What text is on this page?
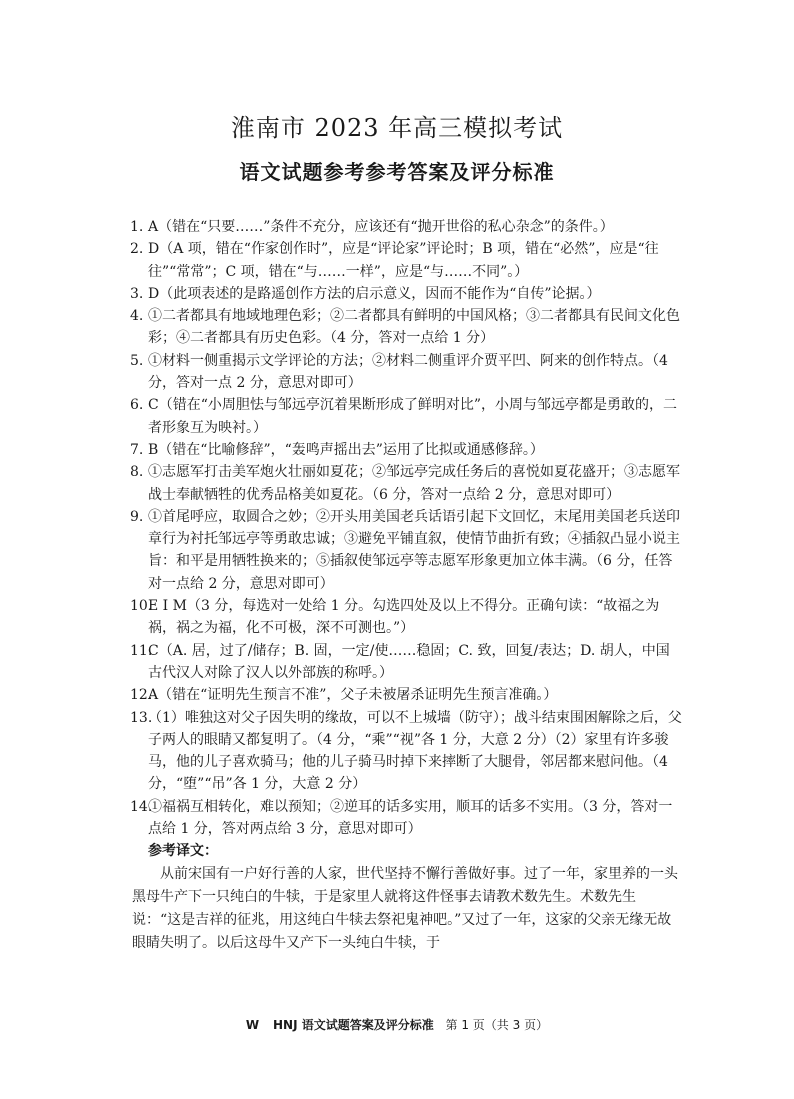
淮南市 2023 年高三模拟考试
语文试题参考参考答案及评分标准
1. A（错在“只要……”条件不充分，应该还有“抛开世俗的私心杂念”的条件。）
2. D（A 项，错在“作家创作时”，应是“评论家”评论时；B 项，错在“必然”，应是“往往”“常常”；C 项，错在“与……一样”，应是“与……不同”。）
3. D（此项表述的是路遥创作方法的启示意义，因而不能作为“自传”论据。）
4. ①二者都具有地域地理色彩；②二者都具有鲜明的中国风格；③二者都具有民间文化色彩；④二者都具有历史色彩。（4 分，答对一点给 1 分）
5. ①材料一侧重揭示文学评论的方法；②材料二侧重评介贾平凹、阿来的创作特点。（4 分，答对一点 2 分，意思对即可）
6. C（错在“小周胆怯与邹远亭沉着果断形成了鲜明对比”，小周与邹远亭都是勇敢的，二者形象互为映衬。）
7. B（错在“比喻修辞”，“轰鸣声摇出去”运用了比拟或通感修辞。）
8. ①志愿军打击美军炮火壮丽如夏花；②邹远亭完成任务后的喜悦如夏花盛开；③志愿军战士奉献牺牲的优秀品格美如夏花。（6 分，答对一点给 2 分，意思对即可）
9. ①首尾呼应，取圆合之妙；②开头用美国老兵话语引起下文回忆，末尾用美国老兵送印章行为衬托邹远亭等勇敢忠诚；③避免平铺直叙，使情节曲折有致；④插叙凸显小说主旨：和平是用牺牲换来的；⑤插叙使邹远亭等志愿军形象更加立体丰满。（6 分，任答对一点给 2 分，意思对即可）
10.
E I M（3 分，每选对一处给 1 分。勾选四处及以上不得分。正确句读：“故福之为祸，祸之为福，化不可极，深不可测也。”）
11.
C（A. 居，过了/储存；B. 固，一定/使……稳固；C. 致，回复/表达；D. 胡人，中国古代汉人对除了汉人以外部族的称呼。）
12.
A（错在“证明先生预言不准”，父子未被屠杀证明先生预言准确。）
13.
（1）唯独这对父子因失明的缘故，可以不上城墙（防守）；战斗结束围困解除之后，父子两人的眼睛又都复明了。（4 分，“乘”“视”各 1 分，大意 2 分）（2）家里有许多骏马，他的儿子喜欢骑马；他的儿子骑马时掉下来摔断了大腿骨，邻居都来慰问他。（4 分，“堕”“吊”各 1 分，大意 2 分）
14.
①福祸互相转化，难以预知；②逆耳的话多实用，顺耳的话多不实用。（3 分，答对一点给 1 分，答对两点给 3 分，意思对即可）
参考译文：

从前宋国有一户好行善的人家，世代坚持不懈行善做好事。过了一年，家里养的一头黑母牛产下一只纯白的牛犊，于是家里人就将这件怪事去请教术数先生。术数先生说：“这是吉祥的征兆，用这纯白牛犊去祭祀鬼神吧。”又过了一年，这家的父亲无缘无故眼睛失明了。以后这母牛又产下一头纯白牛犊，于

W HNJ 语文试题答案及评分标准 第 1 页（共 3 页）
